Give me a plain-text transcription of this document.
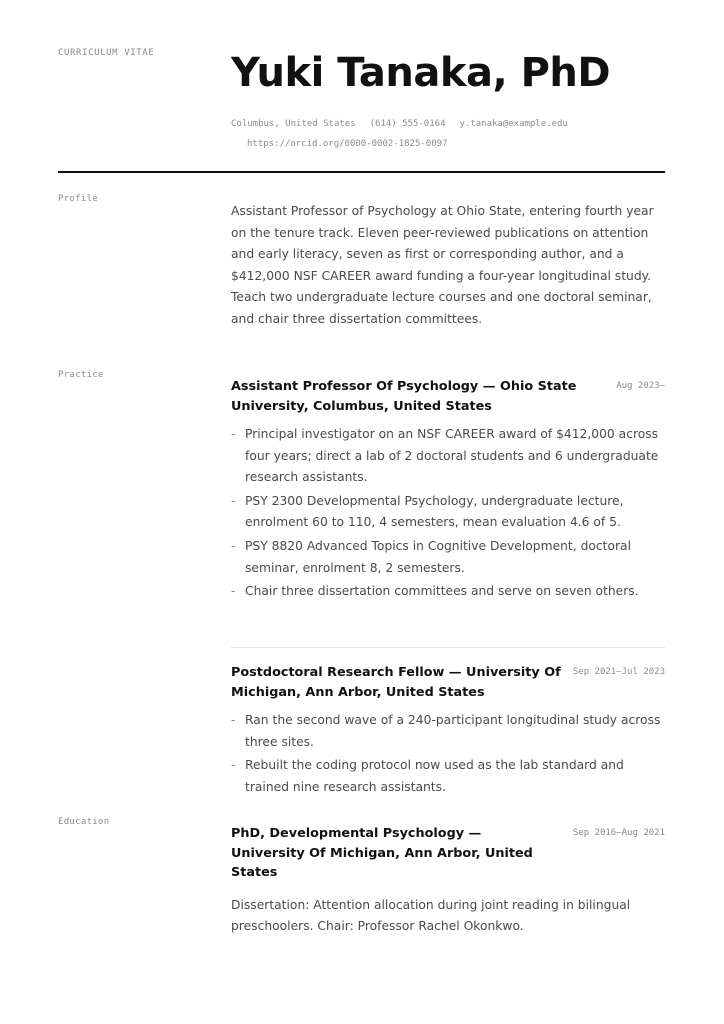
CURRICULUM VITAE Yuki Tanaka, PhD
Columbus, United States (614) 555-0164 y.tanaka@example.edu
https://orcid.org/0000-0002-1825-0097
Profile
Assistant Professor of Psychology at Ohio State, entering fourth year on the tenure track. Eleven peer-reviewed publications on attention and early literacy, seven as first or corresponding author, and a $412,000 NSF CAREER award funding a four-year longitudinal study. Teach two undergraduate lecture courses and one doctoral seminar, and chair three dissertation committees.
Practice
Assistant Professor Of Psychology — Ohio State University, Columbus, United States
Aug 2023–
- Principal investigator on an NSF CAREER award of $412,000 across four years; direct a lab of 2 doctoral students and 6 undergraduate research assistants.
- PSY 2300 Developmental Psychology, undergraduate lecture, enrolment 60 to 110, 4 semesters, mean evaluation 4.6 of 5.
- PSY 8820 Advanced Topics in Cognitive Development, doctoral seminar, enrolment 8, 2 semesters.
- Chair three dissertation committees and serve on seven others.
Postdoctoral Research Fellow — University Of Michigan, Ann Arbor, United States
Sep 2021–Jul 2023
- Ran the second wave of a 240-participant longitudinal study across three sites.
- Rebuilt the coding protocol now used as the lab standard and trained nine research assistants.
Education
PhD, Developmental Psychology — University Of Michigan, Ann Arbor, United States
Sep 2016–Aug 2021
Dissertation: Attention allocation during joint reading in bilingual preschoolers. Chair: Professor Rachel Okonkwo.
